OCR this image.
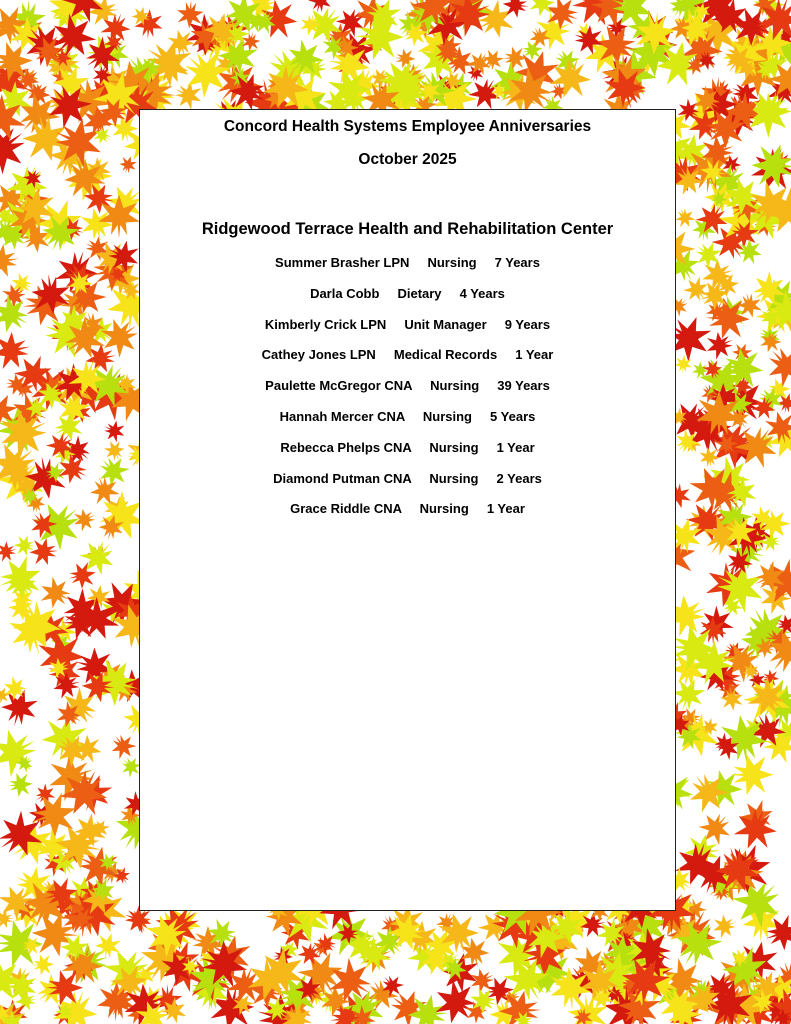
Concord Health Systems Employee Anniversaries
October 2025
Ridgewood Terrace Health and Rehabilitation Center
Summer Brasher LPN     Nursing     7 Years
Darla Cobb     Dietary     4 Years
Kimberly Crick LPN     Unit Manager     9 Years
Cathey Jones LPN     Medical Records     1 Year
Paulette McGregor CNA     Nursing     39 Years
Hannah Mercer CNA     Nursing     5 Years
Rebecca Phelps CNA     Nursing     1 Year
Diamond Putman CNA     Nursing     2 Years
Grace Riddle CNA     Nursing     1 Year
